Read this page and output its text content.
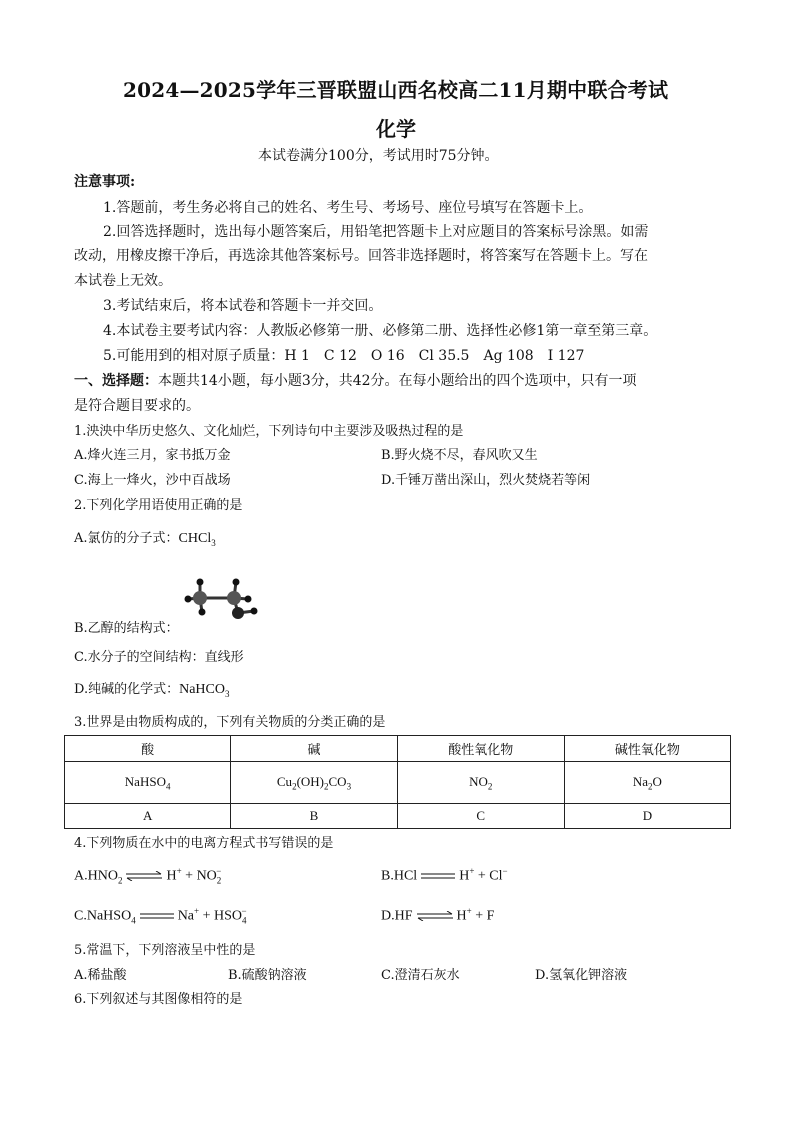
2024—2025学年三晋联盟山西名校高二11月期中联合考试
化学
本试卷满分100分，考试用时75分钟。
注意事项:
1.答题前，考生务必将自己的姓名、考生号、考场号、座位号填写在答题卡上。
2.回答选择题时，选出每小题答案后，用铅笔把答题卡上对应题目的答案标号涂黑。如需
改动，用橡皮擦干净后，再选涂其他答案标号。回答非选择题时，将答案写在答题卡上。写在
本试卷上无效。
3.考试结束后，将本试卷和答题卡一并交回。
4.本试卷主要考试内容：人教版必修第一册、必修第二册、选择性必修1第一章至第三章。
5.可能用到的相对原子质量：H 1　C 12　O 16　Cl 35.5　Ag 108　I 127
一、选择题：本题共14小题，每小题3分，共42分。在每小题给出的四个选项中，只有一项
是符合题目要求的。
1.泱泱中华历史悠久、文化灿烂，下列诗句中主要涉及吸热过程的是
A.烽火连三月，家书抵万金	B.野火烧不尽，春风吹又生
C.海上一烽火，沙中百战场	D.千锤万凿出深山，烈火焚烧若等闲
2.下列化学用语使用正确的是
A.氯仿的分子式：CHCl$_3$
B.乙醇的结构式：
C.水分子的空间结构：直线形
D.纯碱的化学式：NaHCO$_3$
3.世界是由物质构成的，下列有关物质的分类正确的是
酸	碱	酸性氧化物	碱性氧化物
NaHSO$_4$	$Cu_2(OH)_2CO_3$	$NO_2$	$Na_2O$
A	B	C	D
4.下列物质在水中的电离方程式书写错误的是
$A.HNO_2$ ⇌ $H^+ + NO_2^-$	B.HCl	H+ + Cl−
C.NaHSO$_4$	$Na^+ + HSO_4^-$	D.HF ⇌ H+ + F
5.常温下，下列溶液呈中性的是
A.稀盐酸	B.硫酸钠溶液	C.澄清石灰水	D.氢氧化钾溶液
6.下列叙述与其图像相符的是
